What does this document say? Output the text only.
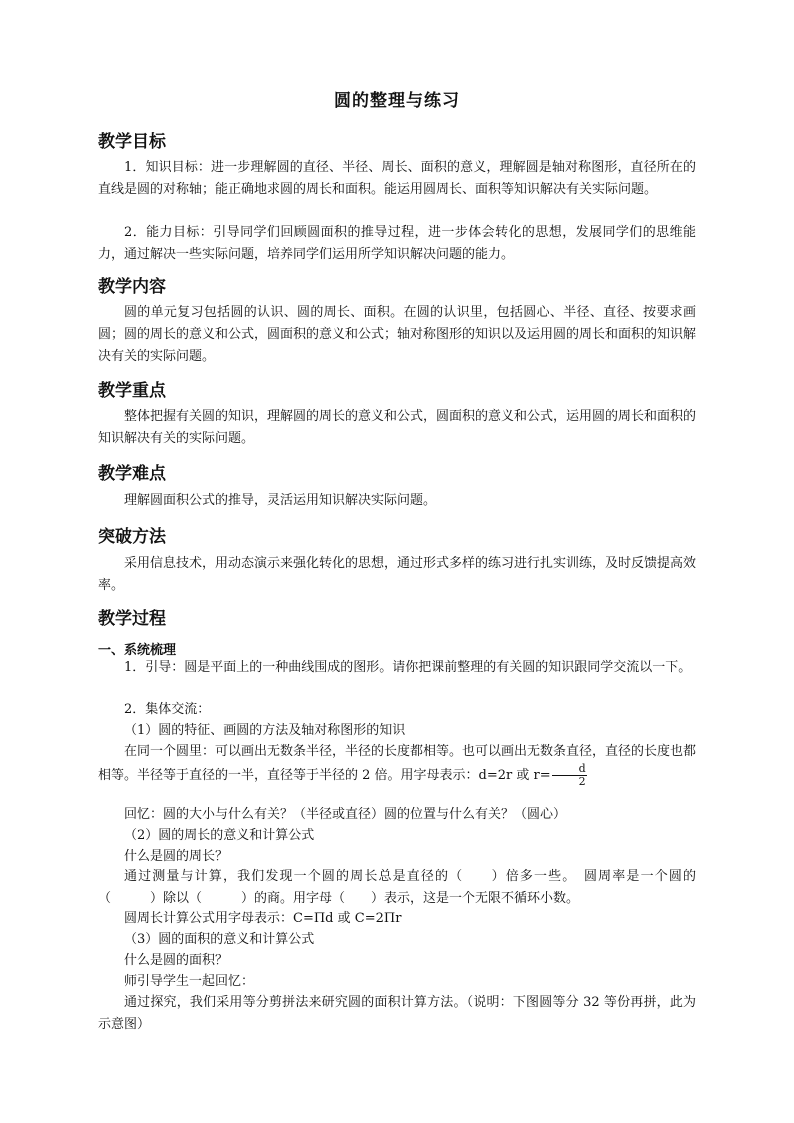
圆的整理与练习
教学目标
1．知识目标：进一步理解圆的直径、半径、周长、面积的意义，理解圆是轴对称图形，直径所在的直线是圆的对称轴；能正确地求圆的周长和面积。能运用圆周长、面积等知识解决有关实际问题。
2．能力目标：引导同学们回顾圆面积的推导过程，进一步体会转化的思想，发展同学们的思维能力，通过解决一些实际问题，培养同学们运用所学知识解决问题的能力。
教学内容
圆的单元复习包括圆的认识、圆的周长、面积。在圆的认识里，包括圆心、半径、直径、按要求画圆；圆的周长的意义和公式，圆面积的意义和公式；轴对称图形的知识以及运用圆的周长和面积的知识解决有关的实际问题。
教学重点
整体把握有关圆的知识，理解圆的周长的意义和公式，圆面积的意义和公式，运用圆的周长和面积的知识解决有关的实际问题。
教学难点
理解圆面积公式的推导，灵活运用知识解决实际问题。
突破方法
采用信息技术，用动态演示来强化转化的思想，通过形式多样的练习进行扎实训练，及时反馈提高效率。
教学过程
一、系统梳理
1．引导：圆是平面上的一种曲线围成的图形。请你把课前整理的有关圆的知识跟同学交流以一下。
2．集体交流：
（1）圆的特征、画圆的方法及轴对称图形的知识
在同一个圆里：可以画出无数条半径，半径的长度都相等。也可以画出无数条直径，直径的长度也都相等。半径等于直径的一半，直径等于半径的 2 倍。用字母表示：d=2r 或 $r= \frac{d}{2}$
回忆：圆的大小与什么有关？（半径或直径）圆的位置与什么有关？（圆心）
（2）圆的周长的意义和计算公式
什么是圆的周长？
通过测量与计算，我们发现一个圆的周长总是直径的（　　）倍多一些。　圆周率是一个圆的（　　　）除以（　　　）的商。用字母（　　）表示，这是一个无限不循环小数。
圆周长计算公式用字母表示：C=Πd 或 C=2Πr
（3）圆的面积的意义和计算公式
什么是圆的面积？
师引导学生一起回忆：
通过探究，我们采用等分剪拼法来研究圆的面积计算方法。（说明：下图圆等分 32 等份再拼，此为示意图）
